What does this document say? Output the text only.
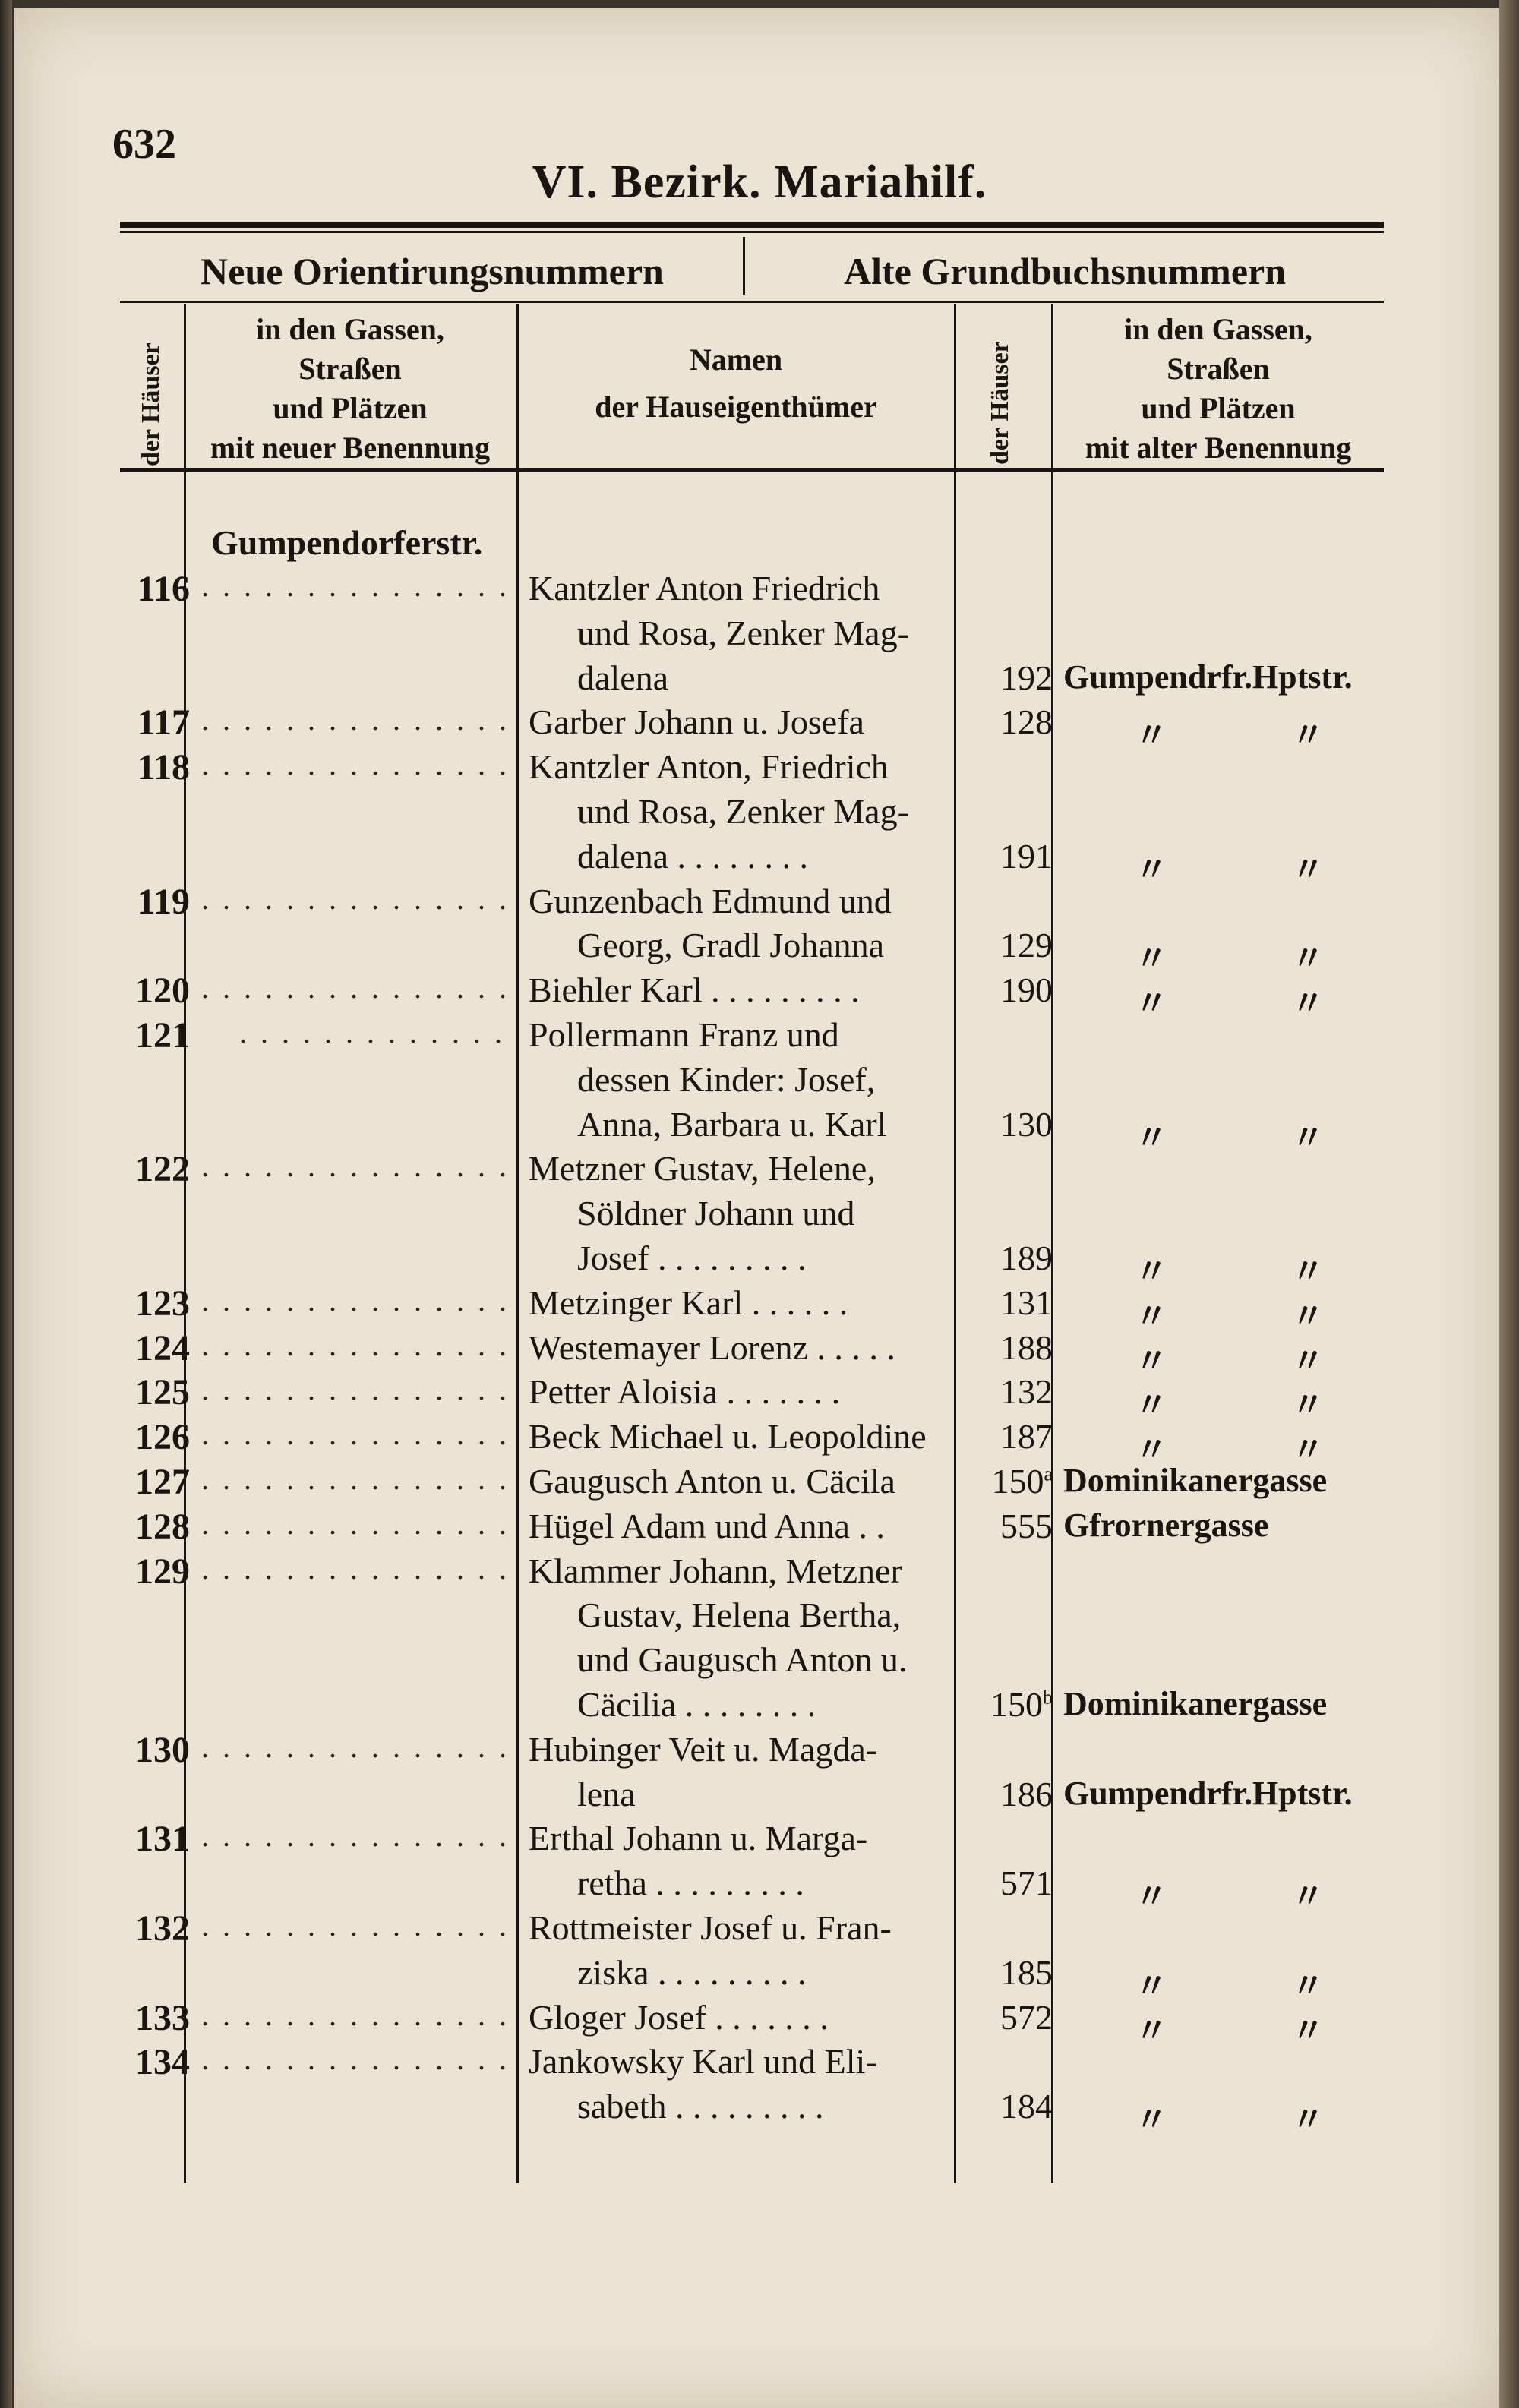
632
VI. Bezirk. Mariahilf.
Neue Orientirungsnummern	Alte Grundbuchsnummern
der Häuser
in den Gassen,
Straßen
und Plätzen
mit neuer Benennung
Namen
der Hauseigenthümer	der Häuser
in den Gassen,
Straßen
und Plätzen
mit alter Benennung
Gumpendorferstr.
116 . . . . . . . . . . . . . . . Kantzler Anton Friedrich
und Rosa, Zenker Mag-
dalena	192 Gumpendrfr.Hptstr.
117 . . . . . . . . . . . . . . . Garber Johann u. Josefa	128 〃	〃
118 . . . . . . . . . . . . . . . Kantzler Anton, Friedrich
und Rosa, Zenker Mag-
dalena . . . . . . . .	191 〃	〃
119 . . . . . . . . . . . . . . . Gunzenbach Edmund und
Georg, Gradl Johanna	129 〃	〃
120 . . . . . . . . . . . . . . . Biehler Karl . . . . . . . . .	190 〃	〃
121 . . . . . . . . . . . . . Pollermann Franz und
dessen Kinder: Josef,
Anna, Barbara u. Karl	130 〃	〃
122 . . . . . . . . . . . . . . . Metzner Gustav, Helene,
Söldner Johann und
Josef . . . . . . . . .	189 〃	〃
123 . . . . . . . . . . . . . . . Metzinger Karl . . . . . .	131 〃	〃
124 . . . . . . . . . . . . . . . Westemayer Lorenz . . . . .	188 〃	〃
125 . . . . . . . . . . . . . . . Petter Aloisia . . . . . . .	132 〃	〃
126 . . . . . . . . . . . . . . . Beck Michael u. Leopoldine	187 〃	〃
127 . . . . . . . . . . . . . . . Gaugusch Anton u. Cäcila	150$^a$ Dominikanergasse
128 . . . . . . . . . . . . . . . Hügel Adam und Anna . .	555 Gfrornergasse
129 . . . . . . . . . . . . . . . Klammer Johann, Metzner
Gustav, Helena Bertha,
und Gaugusch Anton u.
Cäcilia . . . . . . . .	150$^b$ Dominikanergasse
130 . . . . . . . . . . . . . . . Hubinger Veit u. Magda-
lena	186 Gumpendrfr.Hptstr.
131 . . . . . . . . . . . . . . . Erthal Johann u. Marga-
retha . . . . . . . . .	571 〃	〃
132 . . . . . . . . . . . . . . . Rottmeister Josef u. Fran-
ziska . . . . . . . . .	185 〃	〃
133 . . . . . . . . . . . . . . . Gloger Josef . . . . . . .	572 〃	〃
134 . . . . . . . . . . . . . . . Jankowsky Karl und Eli-
sabeth . . . . . . . . .	184 〃	〃
